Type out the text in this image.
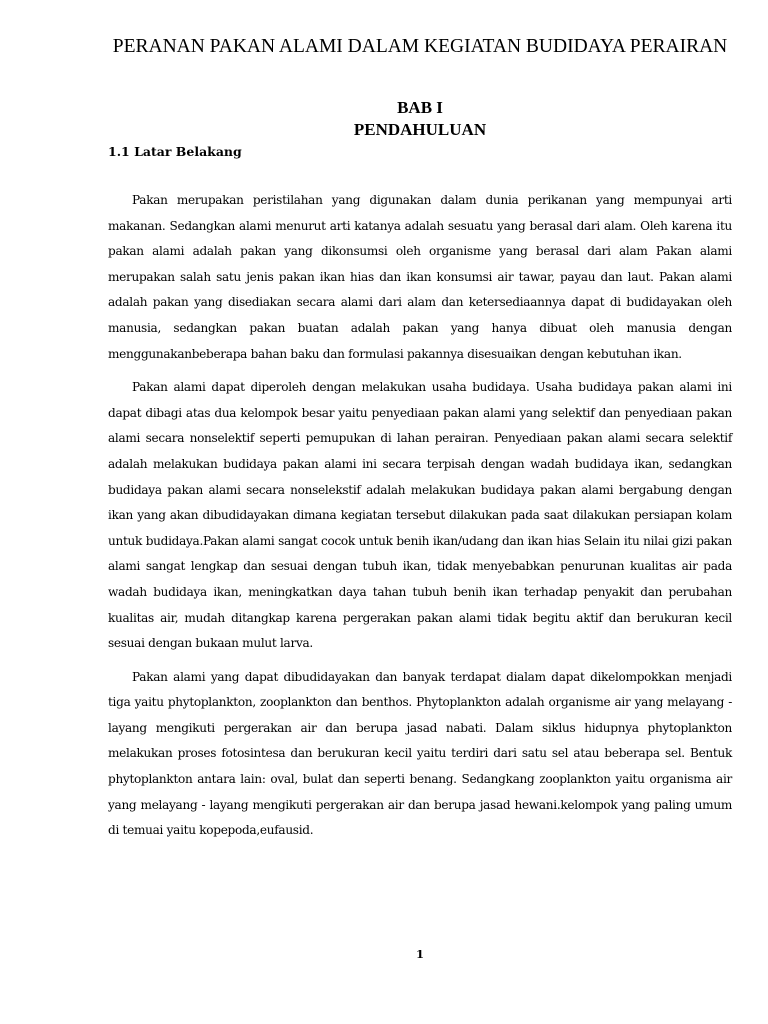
PERANAN PAKAN ALAMI DALAM KEGIATAN BUDIDAYA PERAIRAN
BAB I
PENDAHULUAN
1.1 Latar Belakang

Pakan merupakan peristilahan yang digunakan dalam dunia perikanan yang mempunyai arti makanan. Sedangkan alami menurut arti katanya adalah sesuatu yang berasal dari alam. Oleh karena itu pakan alami adalah pakan yang dikonsumsi oleh organisme yang berasal dari alam Pakan alami merupakan salah satu jenis pakan ikan hias dan ikan konsumsi air tawar, payau dan laut. Pakan alami adalah pakan yang disediakan secara alami dari alam dan ketersediaannya dapat di budidayakan oleh manusia, sedangkan pakan buatan adalah pakan yang hanya dibuat oleh manusia dengan menggunakanbeberapa bahan baku dan formulasi pakannya disesuaikan dengan kebutuhan ikan.

Pakan alami dapat diperoleh dengan melakukan usaha budidaya. Usaha budidaya pakan alami ini dapat dibagi atas dua kelompok besar yaitu penyediaan pakan alami yang selektif dan penyediaan pakan alami secara nonselektif seperti pemupukan di lahan perairan. Penyediaan pakan alami secara selektif adalah melakukan budidaya pakan alami ini secara terpisah dengan wadah budidaya ikan, sedangkan budidaya pakan alami secara nonselekstif adalah melakukan budidaya pakan alami bergabung dengan ikan yang akan dibudidayakan dimana kegiatan tersebut dilakukan pada saat dilakukan persiapan kolam untuk budidaya.Pakan alami sangat cocok untuk benih ikan/udang dan ikan hias Selain itu nilai gizi pakan alami sangat lengkap dan sesuai dengan tubuh ikan, tidak menyebabkan penurunan kualitas air pada wadah budidaya ikan, meningkatkan daya tahan tubuh benih ikan terhadap penyakit dan perubahan kualitas air, mudah ditangkap karena pergerakan pakan alami tidak begitu aktif dan berukuran kecil sesuai dengan bukaan mulut larva.

Pakan alami yang dapat dibudidayakan dan banyak terdapat dialam dapat dikelompokkan menjadi tiga yaitu phytoplankton, zooplankton dan benthos. Phytoplankton adalah organisme air yang melayang - layang mengikuti pergerakan air dan berupa jasad nabati. Dalam siklus hidupnya phytoplankton melakukan proses fotosintesa dan berukuran kecil yaitu terdiri dari satu sel atau beberapa sel. Bentuk phytoplankton antara lain: oval, bulat dan seperti benang. Sedangkang zooplankton yaitu organisma air yang melayang - layang mengikuti pergerakan air dan berupa jasad hewani.kelompok yang paling umum di temuai yaitu kopepoda,eufausid.

1
